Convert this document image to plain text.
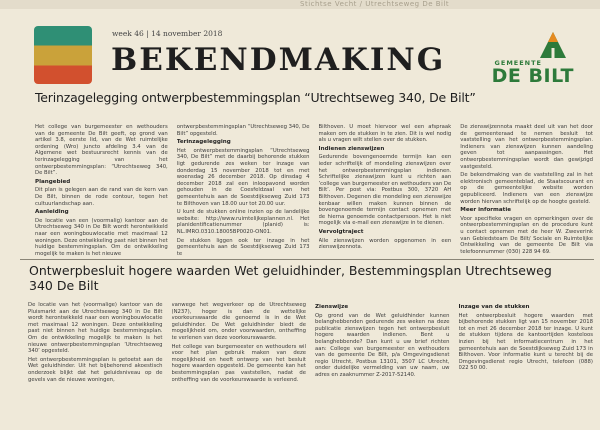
Stichtse Vecht / Utrechtseweg De Bilt
week 46 | 14 november 2018
BEKENDMAKING	GEMEENTE
DE BILT
Terinzagelegging ontwerpbestemmingsplan “Utrechtseweg 340, De Bilt”

Het college van burgemeester en wethouders van de gemeente De Bilt geeft, op grond van artikel 3.8, eerste lid, van de Wet ruimtelijke ordening (Wro) juncto afdeling 3.4 van de Algemene wet bestuursrecht kennis van de terinzagelegging van het ontwerpbestemmingsplan: “Utrechtseweg 340, De Bilt”.

Plangebied

Dit plan is gelegen aan de rand van de kern van De Bilt, binnen de rode contour, tegen het cultuurlandschap aan.

Aanleiding

De locatie van een (voormalig) kantoor aan de Utrechtseweg 340 in De Bilt wordt herontwikkeld naar een woningbouwlocatie met maximaal 12 woningen. Deze ontwikkeling past niet binnen het huidige bestemmingsplan. Om de ontwikkeling mogelijk te maken is het nieuwe

ontwerpbestemmingsplan “Utrechtseweg 340, De Bilt” opgesteld.

Terinzagelegging

Het ontwerpbestemmingsplan “Utrechtseweg 340, De Bilt” met de daarbij behorende stukken ligt gedurende zes weken ter inzage van donderdag 15 november 2018 tot en met woensdag 26 december 2018. Op dinsdag 4 december 2018 zal een inloopavond worden gehouden in de Coesfeldzaal van het gemeentehuis aan de Soestdijkseweg Zuid 173 te Bilthoven van 18.00 uur tot 20.00 uur.

U kunt de stukken online inzien op de landelijke website: http://www.ruimtelijkeplannen.nl. Het planidentificatienummer (planid) is: NL.IMRO.0310.18005BP0020-ON01.

De stukken liggen ook ter inzage in het gemeentehuis aan de Soestdijkseweg Zuid 173 te

Bilthoven. U moet hiervoor wel een afspraak maken om de stukken in te zien. Dit is wel nodig als u vragen wilt stellen over de stukken.

Indienen zienswijzen

Gedurende bovengenoemde termijn kan een ieder schriftelijk of mondeling zienswijzen over het ontwerpbestemmingsplan indienen. Schriftelijke zienswijzen kunt u richten aan ’college van burgemeester en wethouders van De Bilt’. Per post via: Postbus 300, 3720 AH Bilthoven. Degenen die mondeling een zienswijze kenbaar willen maken kunnen binnen de bovengenoemde termijn contact opnemen met de hierna genoemde contactpersoon. Het is niet mogelijk via e-mail een zienswijze in te dienen.

Vervolgtraject

Alle zienswijzen worden opgenomen in een zienswijzennota.

De zienswijzennota maakt deel uit van het door de gemeenteraad te nemen besluit tot vaststelling van het ontwerpbestemmingsplan. Indieners van zienswijzen kunnen aandeling geven tot aanpassingen. Het ontwerpbestemmingsplan wordt dan gewijzigd vastgesteld.

De bekendmaking van de vaststelling zal in het elektronisch gemeenteblad, de Staatscourant en op de gemeentelijke website worden gepubliceerd. Indieners van een zienswijze worden hiervan schriftelijk op de hoogte gesteld.

Meer informatie

Voor specifieke vragen en opmerkingen over de ontwerpbestemmingsplan en de procedure kunt u contact opnemen met de heer W. Zweverink van Gebiedsteam De Bilt/ Sociale en Ruimtelijke Ontwikkeling van de gemeente De Bilt via telefoonnummer (030) 228 94 69.

Ontwerpbesluit hogere waarden Wet geluidhinder, Bestemmingsplan Utrechtseweg 340 De Bilt

De locatie van het (voormalige) kantoor van de Pluismarkt aan de Utrechtseweg 340 in De Bilt wordt herontwikkeld naar een woningbouwlocatie met maximaal 12 woningen. Deze ontwikkeling past niet binnen het huidige bestemmingsplan. Om de ontwikkeling mogelijk te maken is het nieuwe ontwerpbestemmingsplan ’Utrechtseweg 340’ opgesteld.

Het ontwerpbestemmingsplan is getoetst aan de Wet geluidhinder. Uit het bijbehorend akoestisch onderzoek blijkt dat het geluidsniveau op de gevels van de nieuwe woningen,

vanwege het wegverkeer op de Utrechtseweg (N237), hoger is dan de wettelijke voorkeurswaarde die genoemd is in de Wet geluidhinder. De Wet geluidhinder biedt de mogelijkheid om, onder voorwaarden, ontheffing te verlenen van deze voorkeurswaarde.

Het college van burgemeester en wethouders wil voor het plan gebruik maken van deze mogelijkheid en heeft ontwerp van het besluit hogere waarden opgesteld. De gemeente kan het bestemmingsplan pas vaststellen, nadat de ontheffing van de voorkeurswaarde is verleend.

Zienswijze

Op grond van de Wet geluidhinder kunnen belanghebbenden gedurende zes weken na deze publicatie zienswijzen tegen het ontwerpbesluit hogere waarden indienen. Bent u belanghebbende? Dan kunt u uw brief richten aan: College van burgemeester en wethouders van de gemeente De Bilt, p/a Omgevingsdienst regio Utrecht, Postbus 13101, 3507 LC Utrecht, onder duidelijke vermelding van uw naam, uw adres en zaaknummer Z-2017-52140.

Inzage van de stukken

Het ontwerpbesluit hogere waarden met bijbehorende stukken ligt van 15 november 2018 tot en met 26 december 2018 ter inzage. U kunt de stukken tijdens de kantoortijden kosteloos inzien bij het informatiecentrum in het gemeentehuis aan de Soestdijkseweg Zuid 173 in Bilthoven. Voor informatie kunt u terecht bij de Omgevingsdienst regio Utrecht, telefoon (088) 022 50 00.
